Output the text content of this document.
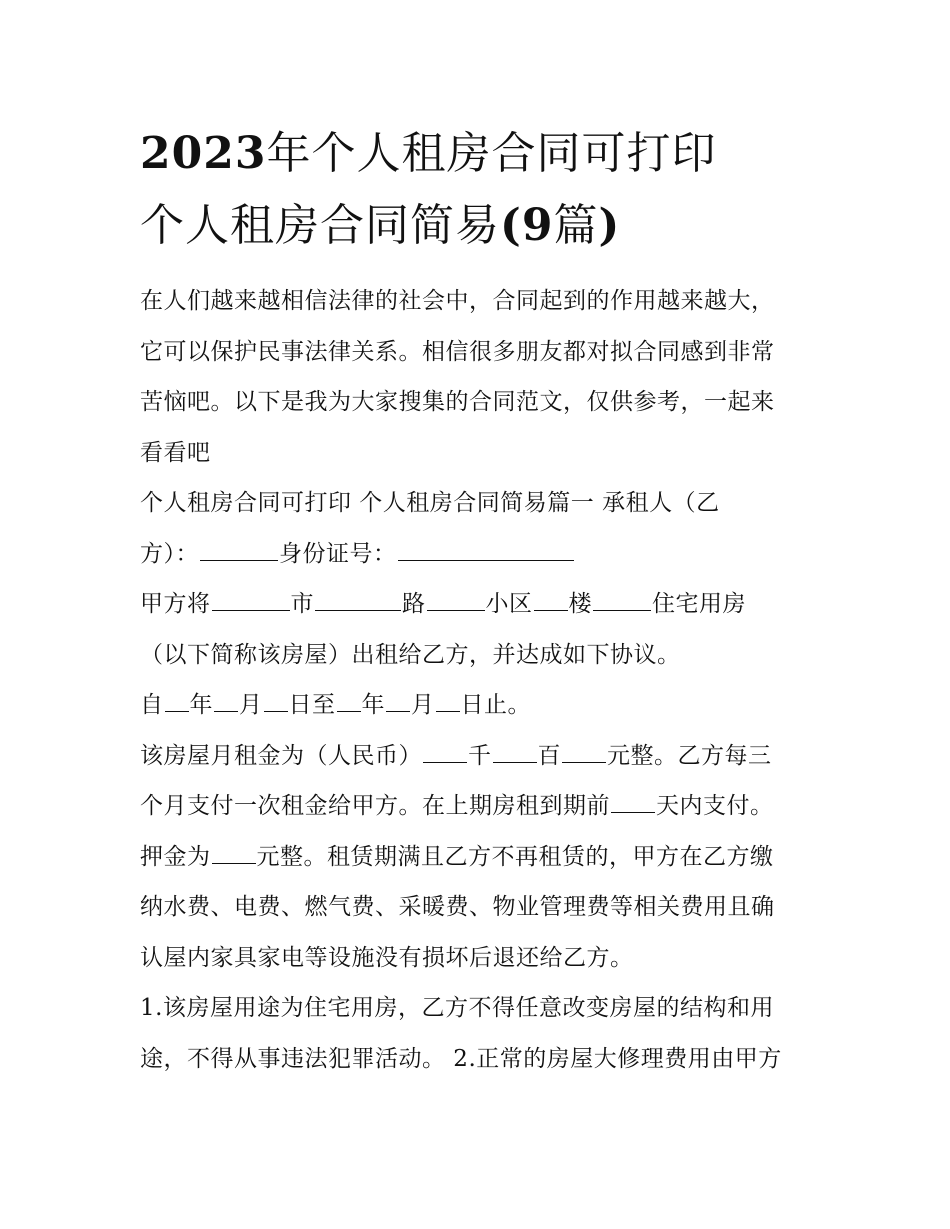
2023年个人租房合同可打印
个人租房合同简易(9篇)

在人们越来越相信法律的社会中，合同起到的作用越来越大，
它可以保护民事法律关系。相信很多朋友都对拟合同感到非常
苦恼吧。以下是我为大家搜集的合同范文，仅供参考，一起来
看看吧

个人租房合同可打印 个人租房合同简易篇一 承租人（乙
方）：	身份证号：

甲方将	市	路	小区 楼	住宅用房
（以下简称该房屋）出租给乙方，并达成如下协议。

自 年 月 日至 年 月 日止。

该房屋月租金为（人民币） 千 百 元整。乙方每三
个月支付一次租金给甲方。在上期房租到期前 天内支付。
押金为 元整。租赁期满且乙方不再租赁的，甲方在乙方缴
纳水费、电费、燃气费、采暖费、物业管理费等相关费用且确
认屋内家具家电等设施没有损坏后退还给乙方。

1.该房屋用途为住宅用房，乙方不得任意改变房屋的结构和用
途，不得从事违法犯罪活动。 2.正常的房屋大修理费用由甲方
